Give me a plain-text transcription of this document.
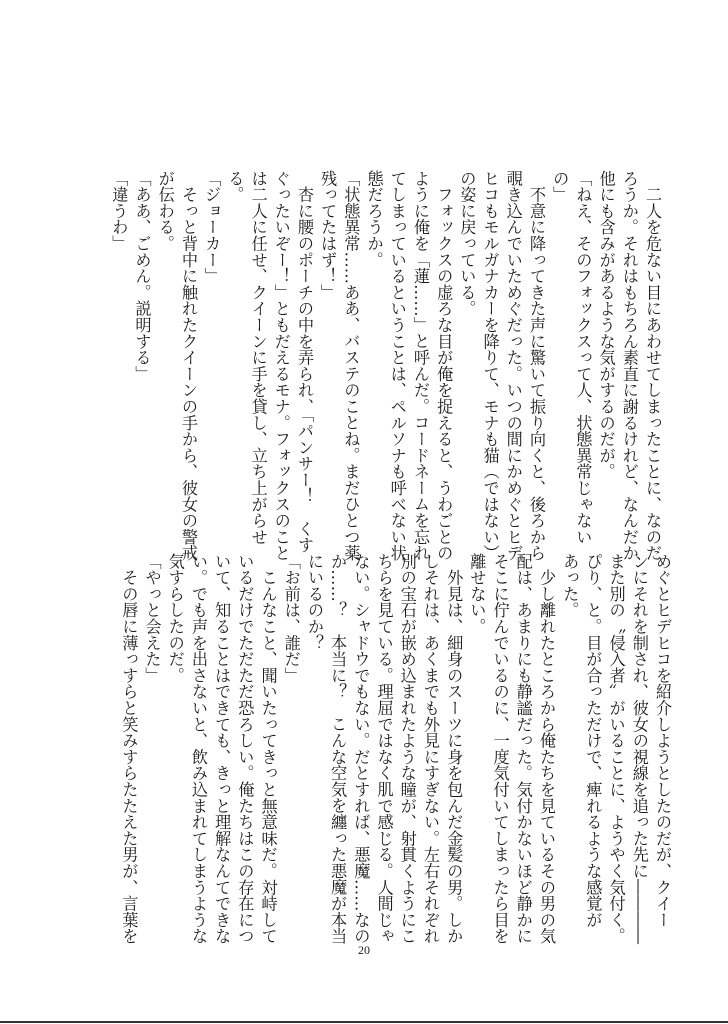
　二人を危ない目にあわせてしまったことに、なのだ
ろうか。それはもちろん素直に謝るけれど、なんだか
他にも含みがあるような気がするのだが。
「ねえ、そのフォックスって人、状態異常じゃない
の」
　不意に降ってきた声に驚いて振り向くと、後ろから
覗き込んでいためぐだった。いつの間にかめぐとヒデ
ヒコもモルガナカーを降りて、モナも猫（ではない）
の姿に戻っている。
　フォックスの虚ろな目が俺を捉えると、うわごとの
ように俺を「蓮……」と呼んだ。コードネームを忘れ
てしまっているということは、ペルソナも呼べない状
態だろうか。
「状態異常……ああ、バステのことね。まだひとつ薬
残ってたはず！」
　杏に腰のポーチの中を弄られ、「パンサー！　くす
ぐったいぞー！」ともだえるモナ。フォックスのこと
は二人に任せ、クイーンに手を貸し、立ち上がらせ
る。
「ジョーカー」
　そっと背中に触れたクイーンの手から、彼女の警戒
が伝わる。
「ああ、ごめん。説明する」
「違うわ」
めぐとヒデヒコを紹介しようとしたのだが、クイー
ンにそれを制され、彼女の視線を追った先に――――
また別の〝侵入者〟がいることに、ようやく気付く。
ぴり、と。目が合っただけで、痺れるような感覚が
あった。
　少し離れたところから俺たちを見ているその男の気
配は、あまりにも静謐だった。気付かないほど静かに
そこに佇んでいるのに、一度気付いてしまったら目を
離せない。
　外見は、細身のスーツに身を包んだ金髪の男。しか
しそれは、あくまでも外見にすぎない。左右それぞれ
別の宝石が嵌め込まれたような瞳が、射貫くようにこ
ちらを見ている。理屈ではなく肌で感じる。人間じゃ
ない。シャドウでもない。だとすれば、悪魔……なの
か……？　本当に？　こんな空気を纏った悪魔が本当
にいるのか？
「お前は、誰だ」
　こんなこと、聞いたってきっと無意味だ。対峙して
いるだけでただただ恐ろしい。俺たちはこの存在につ
いて、知ることはできても、きっと理解なんてできな
い。でも声を出さないと、飲み込まれてしまうような
気すらしたのだ。
「やっと会えた」
　その唇に薄っすらと笑みすらたたえた男が、言葉を
20
